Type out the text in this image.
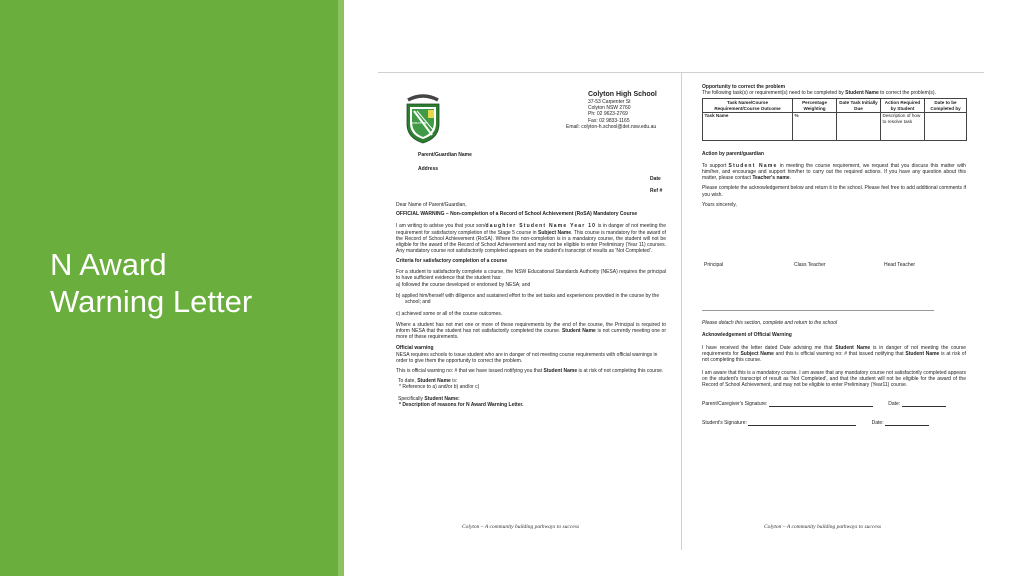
N Award
Warning Letter
CONTENDAM
COLYTON
Colyton High School
37-53 Carpenter St
Colyton NSW 2760
Ph: 02 9623-2769
Fax: 02 9833-1165
Email: colyton-h.school@det.nsw.edu.au
Parent/Guardian Name
Address
Date
Ref #
Dear Name of Parent/Guardian,
OFFICIAL WARNING – Non-completion of a Record of School Achievement (RoSA) Mandatory Course
I am writing to advise you that your son/daughter Student Name Year 10 is in danger of not meeting the requirement for satisfactory completion of the Stage 5 course in Subject Name. This course is mandatory for the award of the Record of School Achievement (RoSA). Where the non-completion is in a mandatory course, the student will not be eligible for the award of the Record of School Achievement and may not be eligible to enter Preliminary (Year 11) courses. Any mandatory course not satisfactorily completed appears on the student's transcript of results as 'Not Completed'.
Criteria for satisfactory completion of a course
For a student to satisfactorily complete a course, the NSW Educational Standards Authority (NESA) requires the principal to have sufficient evidence that the student has:
a) followed the course developed or endorsed by NESA; and
b) applied him/herself with diligence and sustained effort to the set tasks and experiences provided in the course by the school; and
c) achieved some or all of the course outcomes.
Where a student has not met one or more of these requirements by the end of the course, the Principal is required to inform NESA that the student has not satisfactorily completed the course. Student Name is not currently meeting one or more of these requirements.
Official warning
NESA requires schools to issue student who are in danger of not meeting course requirements with official warnings in order to give them the opportunity to correct the problem.
This is official warning no: # that we have issued notifying you that Student Name is at risk of not completing this course.
To date, Student Name is:
* Reference to a) and/or b) and/or c)
Specifically Student Name:
* Description of reasons for N Award Warning Letter.
Colyton – A community building pathways to success
Opportunity to correct the problem
The following task(s) or requirement(s) need to be completed by Student Name to correct the problem(s).
Task Name/Course Requirement/Course Outcome	Percentage Weighting	Date Task Initially Due	Action Required by Student	Date to be Completed by
Task Name	%		Description of how to resolve task	
Action by parent/guardian
To support Student Name in meeting the course requirement, we request that you discuss this matter with him/her, and encourage and support him/her to carry out the required actions. If you have any question about this matter, please contact Teacher's name.
Please complete the acknowledgement below and return it to the school. Please feel free to add additional comments if you wish.
Yours sincerely,
Principal	Class Teacher	Head Teacher
Please detach this section, complete and return to the school
Acknowledgement of Official Warning
I have received the letter dated Date advising me that Student Name is in danger of not meeting the course requirements for Subject Name and this is official warning no: # that issued notifying that Student Name is at risk of not completing this course.
I am aware that this is a mandatory course. I am aware that any mandatory course not satisfactorily completed appears on the student's transcript of result as 'Not Completed', and that the student will not be eligible for the award of the Record of School Achievement, and may not be eligible to enter Preliminary (Year11) course.
Parent/Caregiver's Signature:	Date:
Student's Signature:	Date:
Colyton – A community building pathways to success
